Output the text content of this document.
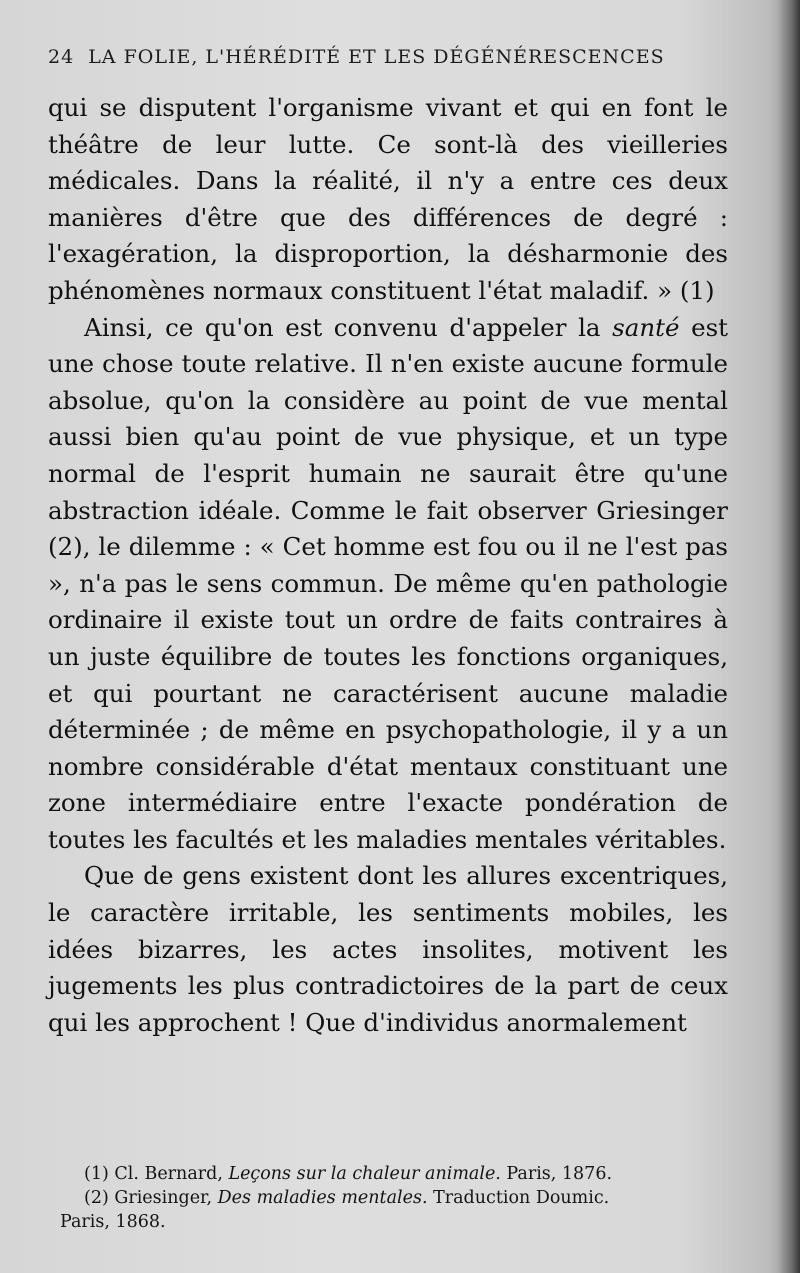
24 LA FOLIE, L'HÉRÉDITÉ ET LES DÉGÉNÉRESCENCES

qui se disputent l'organisme vivant et qui en font le théâtre de leur lutte. Ce sont-là des vieilleries médicales. Dans la réalité, il n'y a entre ces deux manières d'être que des différences de degré : l'exagération, la disproportion, la désharmonie des phénomènes normaux constituent l'état maladif. » (1)

Ainsi, ce qu'on est convenu d'appeler la santé est une chose toute relative. Il n'en existe aucune formule absolue, qu'on la considère au point de vue mental aussi bien qu'au point de vue physique, et un type normal de l'esprit humain ne saurait être qu'une abstraction idéale. Comme le fait observer Griesinger (2), le dilemme : « Cet homme est fou ou il ne l'est pas », n'a pas le sens commun. De même qu'en pathologie ordinaire il existe tout un ordre de faits contraires à un juste équilibre de toutes les fonctions organiques, et qui pourtant ne caractérisent aucune maladie déterminée ; de même en psychopathologie, il y a un nombre considérable d'état mentaux constituant une zone intermédiaire entre l'exacte pondération de toutes les facultés et les maladies mentales véritables.

Que de gens existent dont les allures excentriques, le caractère irritable, les sentiments mobiles, les idées bizarres, les actes insolites, motivent les jugements les plus contradictoires de la part de ceux qui les approchent ! Que d'individus anormalement

(1) Cl. Bernard, Leçons sur la chaleur animale. Paris, 1876.

(2) Griesinger, Des maladies mentales. Traduction Doumic.

Paris, 1868.
